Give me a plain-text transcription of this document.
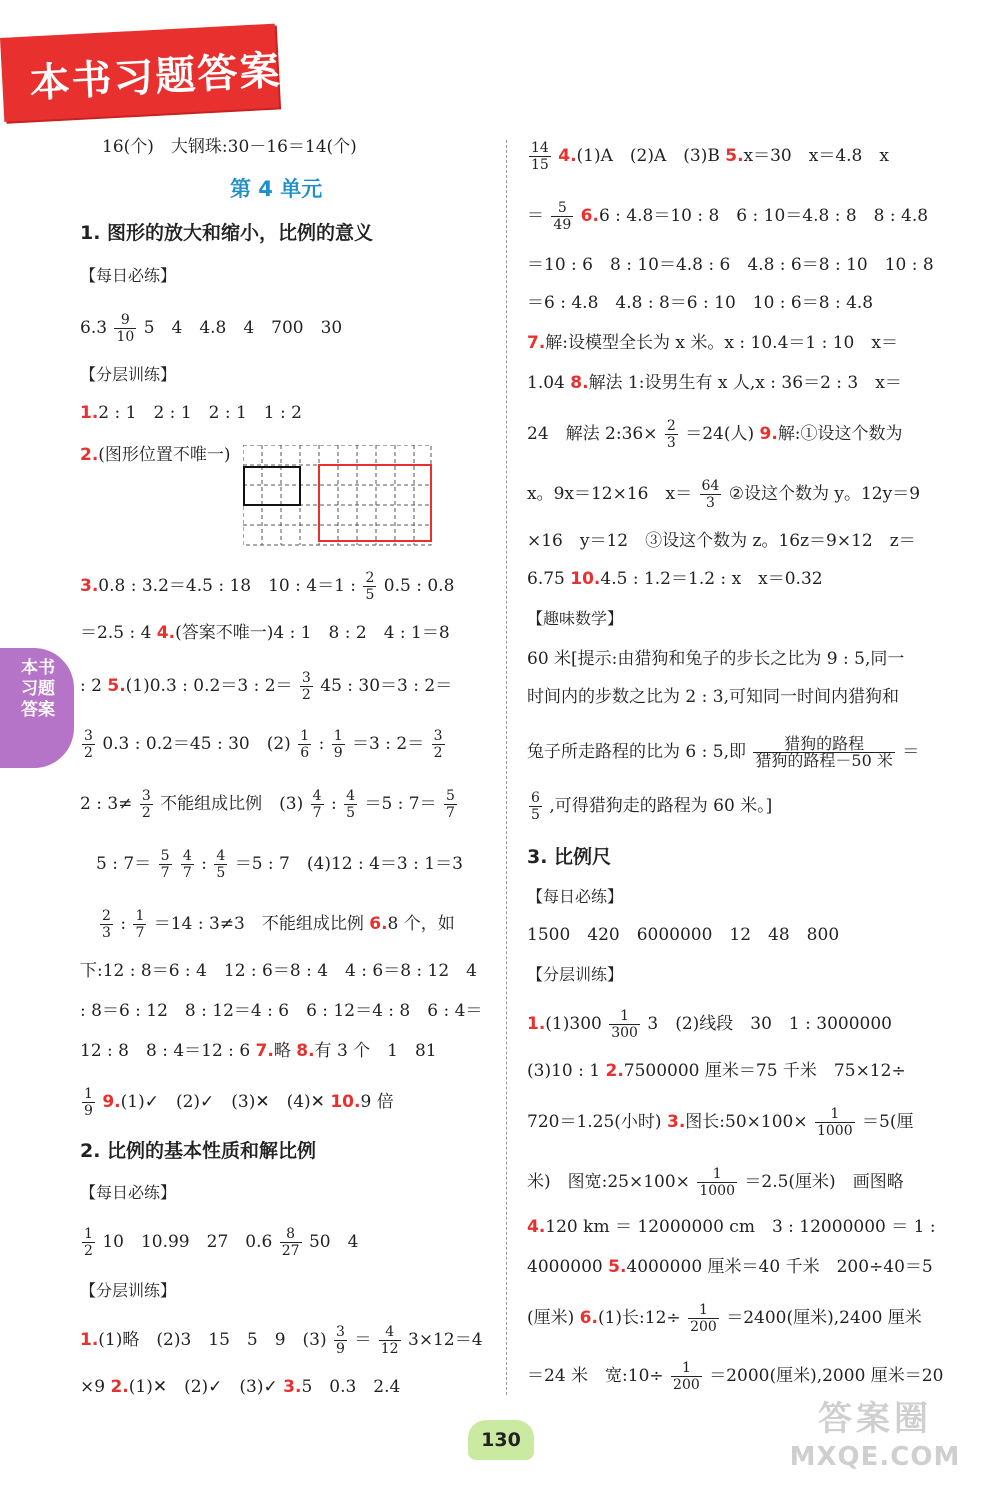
本书习题答案
本书习题答案
16(个)　大钢珠:30－16＝14(个)
第 4 单元
1. 图形的放大和缩小，比例的意义
【每日必练】
$6.3 \frac{9}{10} 5$　4　4.8　4　700　30
【分层训练】
1.2 : 1　2 : 1　2 : 1　1 : 2
2.(图形位置不唯一)
3.0.8 : 3.2＝4.5 : 18　10 : 4＝1 : $\frac{2}{5} 0.5$ : 0.8
＝2.5 : 4 4.(答案不唯一)4 : 1　8 : 2　4 : 1＝8
: 2 5.(1)0.3 : 0.2＝3 : $2= \frac{3}{2} 45$ : 30＝3 : 2＝
$\frac{3}{2} 0.3$ : 0.2＝45 : 30　$(2) \frac{1}{6}$ : $\frac{1}{9} =3$ : $2= \frac{3}{2}$
2 : $3\ne \frac{3}{2}$ 不能组成比例　$(3) \frac{4}{7}$ : $\frac{4}{5} =5$ : $7= \frac{5}{7}$
5 : $7= \frac{5}{7}$
$\frac{4}{7}$ : $\frac{4}{5} =5$ : 7　(4)12 : 4＝3 : 1＝3
$\frac{2}{3}$ : $\frac{1}{7} =14$ : 3≠3　不能组成比例 6.8 个，如
下:12 : 8＝6 : 4　12 : 6＝8 : 4　4 : 6＝8 : 12　4
: 8＝6 : 12　8 : 12＝4 : 6　6 : 12＝4 : 8　6 : 4＝
12 : 8　8 : 4＝12 : 6 7.略 8.有 3 个　1　81
$\frac{1}{9}$ 9.(1)✓　(2)✓　(3)✕　(4)✕ 10.9 倍
2. 比例的基本性质和解比例
【每日必练】
$\frac{1}{2} 10$　10.99　27　$0.6 \frac{8}{27} 50$　4
【分层训练】
1.(1)略　(2)3　15　5　9　$(3) \frac{3}{9} = \frac{4}{12} 3\times 12=4$
×9 2.(1)✕　(2)✓　(3)✓ 3.5　0.3　2.4
$\frac{14}{15} 4.(1)A$　(2)A　(3)B 5.x＝30　x＝4.8　x
＝ $\frac{5}{49} 6.6$ : 4.8＝10 : 8　6 : 10＝4.8 : 8　8 : 4.8
＝10 : 6　8 : 10＝4.8 : 6　4.8 : 6＝8 : 10　10 : 8
＝6 : 4.8　4.8 : 8＝6 : 10　10 : 6＝8 : 4.8
7.解:设模型全长为 x 米。x : 10.4＝1 : 10　x＝
1.04 8.解法 1:设男生有 x 人,x : 36＝2 : 3　x＝
24　解法 2:36× $\frac{2}{3} =24$(人) 9.解:①设这个数为
x。9x＝12×16　$x= \frac{64}{3}$ ②设这个数为 y。12y＝9
×16　y＝12　③设这个数为 z。16z＝9×12　z＝
6.75 10.4.5 : 1.2＝1.2 : x　x＝0.32
【趣味数学】
60 米[提示:由猎狗和兔子的步长之比为 9 : 5,同一
时间内的步数之比为 2 : 3,可知同一时间内猎狗和
兔子所走路程的比为 6 : 5,即 $\frac{\text{猎狗的路程}}{\text{猎狗的路程－50 米}}$ ＝
$\frac{6}{5}$ ,可得猎狗走的路程为 60 米。]
3. 比例尺
【每日必练】
1500　420　6000000　12　48　800
【分层训练】
$1.(1)300 \frac{1}{300} 3$　(2)线段　30　1 : 3000000
(3)10 : 1 2.7500000 厘米＝75 千米　75×12÷
720＝1.25(小时) 3.图长:50×100× $\frac{1}{1000} =5$(厘
米)　图宽:25×100× $\frac{1}{1000} =2.5$(厘米)　画图略
4.120 km ＝ 12000000 cm　3 : 12000000 ＝ 1 :
4000000 5.4000000 厘米＝40 千米　200÷40＝5
(厘米) 6.(1)长:12÷ $\frac{1}{200} =2400$(厘米),2400 厘米
＝24 米　宽:10÷ $\frac{1}{200} =2000$(厘米),2000 厘米＝20
130
答案圈
MXQE.COM
